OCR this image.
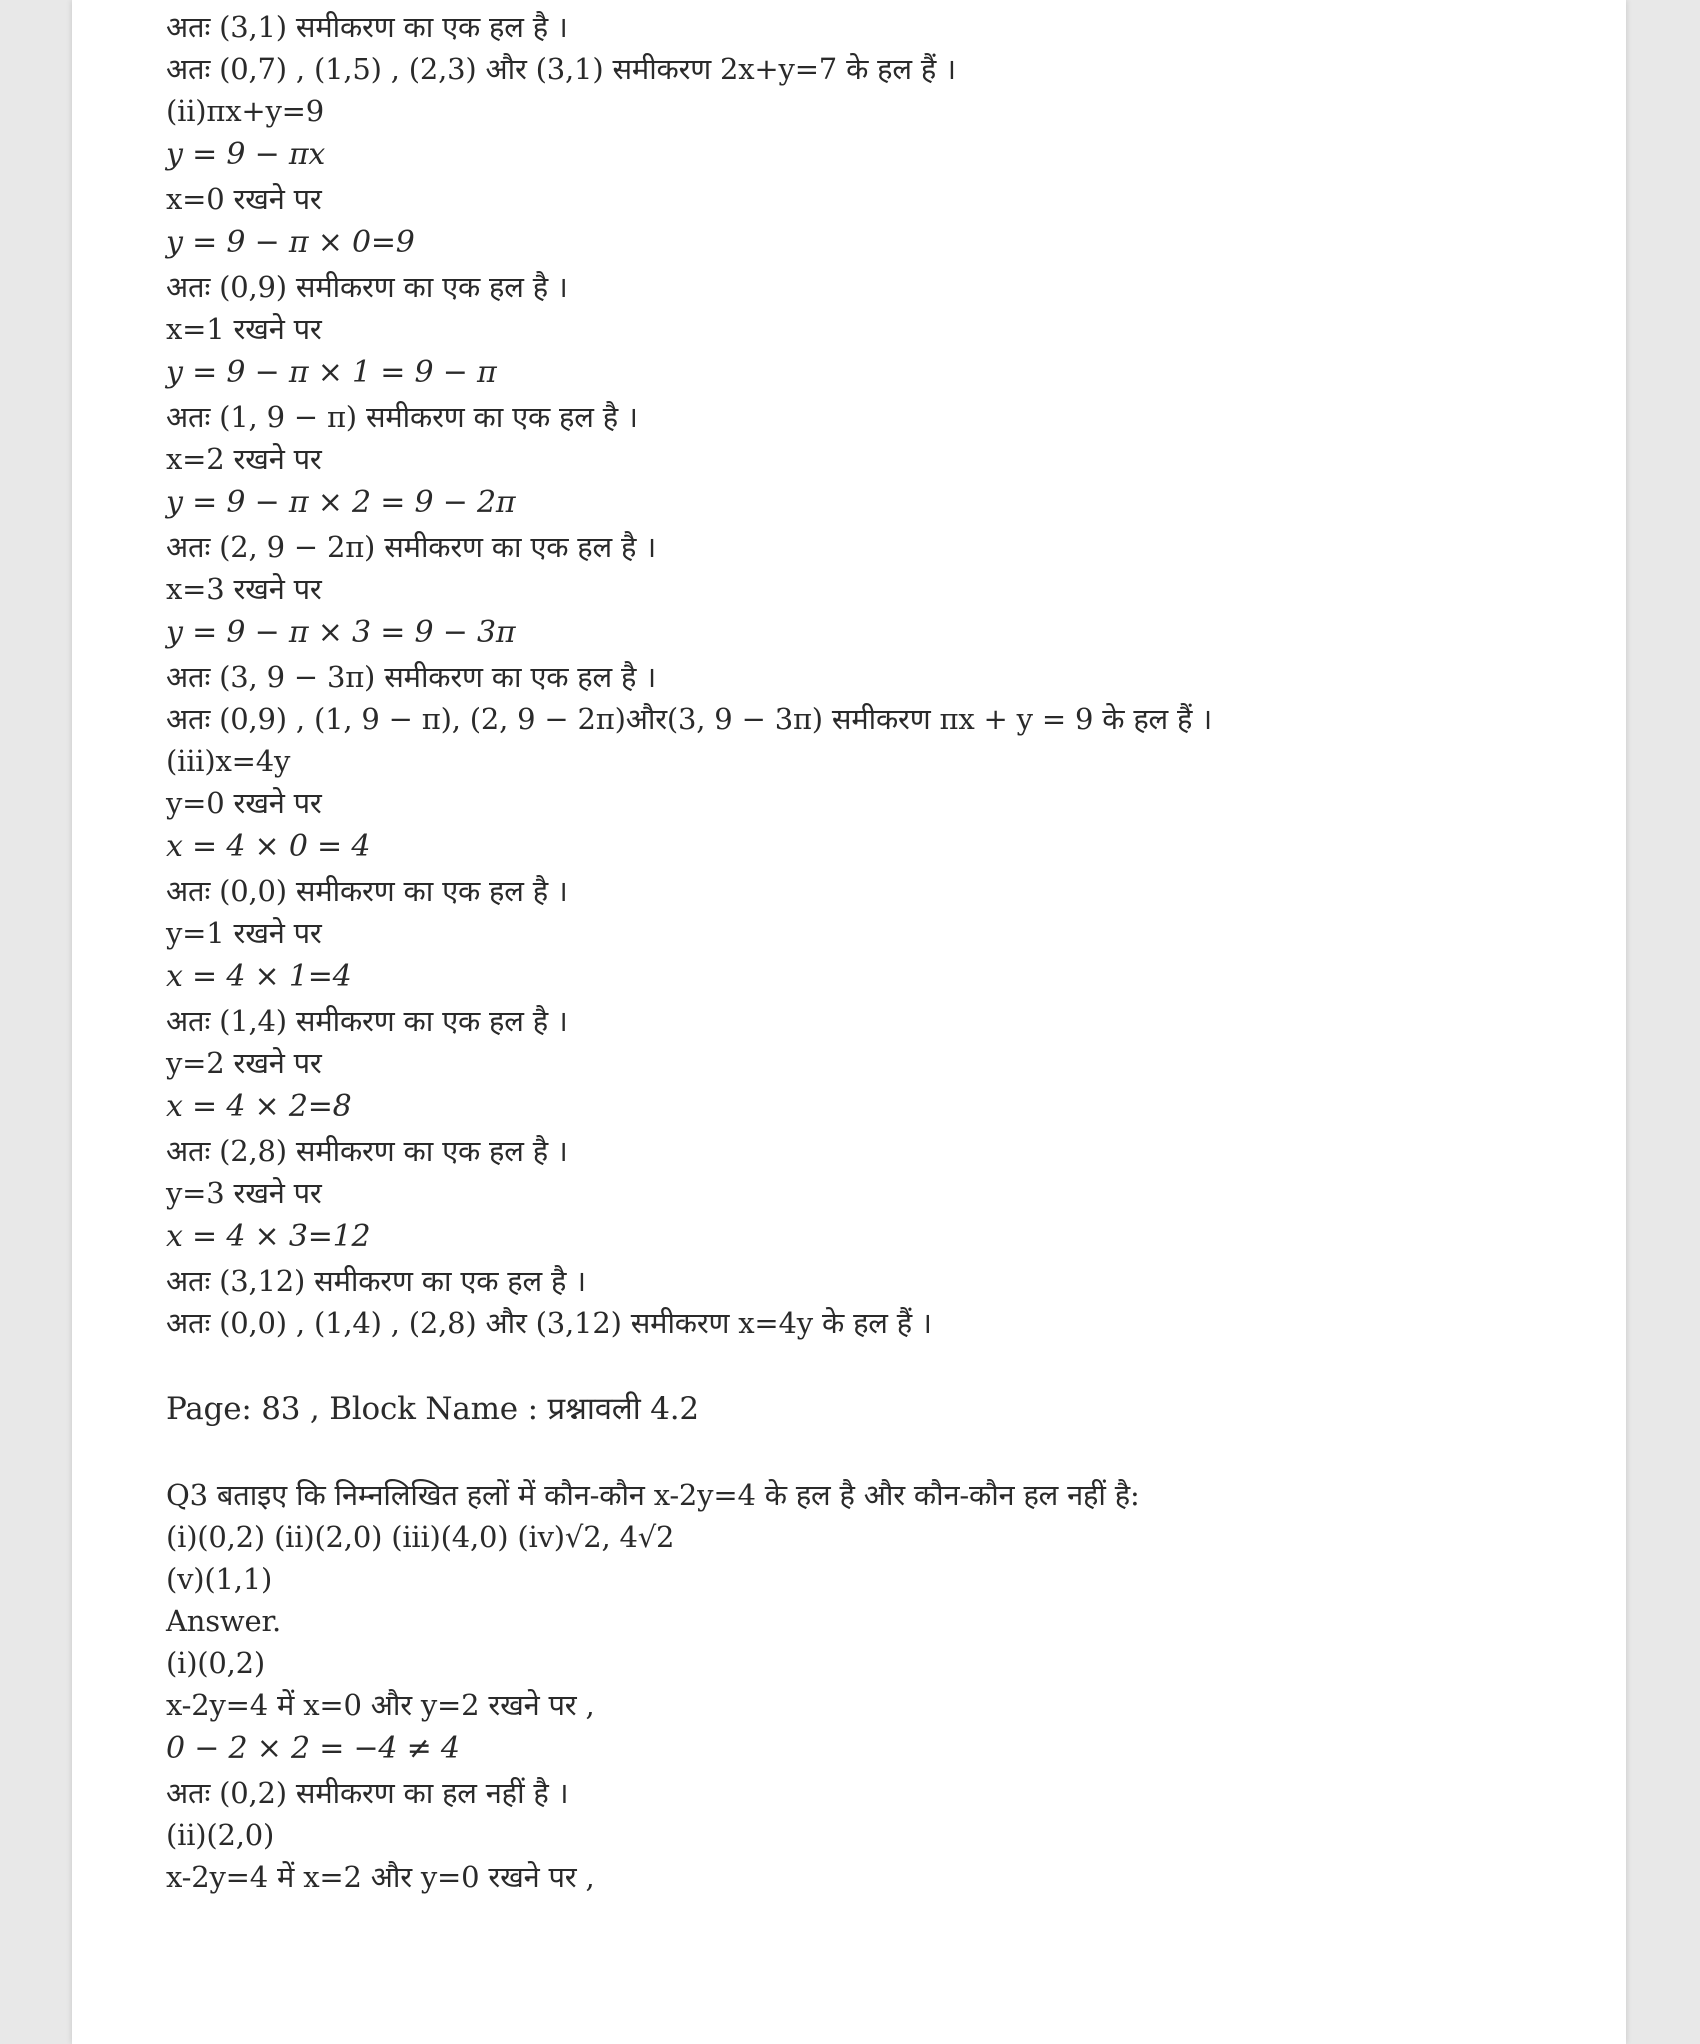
अतः (3,1) समीकरण का एक हल है ।
अतः (0,7) , (1,5) , (2,3) और (3,1) समीकरण 2x+y=7 के हल हैं ।
(ii)πx+y=9
y = 9 − πx
x=0 रखने पर
y = 9 − π × 0=9
अतः (0,9) समीकरण का एक हल है ।
x=1 रखने पर
y = 9 − π × 1 = 9 − π
अतः (1, 9 − π) समीकरण का एक हल है ।
x=2 रखने पर
y = 9 − π × 2 = 9 − 2π
अतः (2, 9 − 2π) समीकरण का एक हल है ।
x=3 रखने पर
y = 9 − π × 3 = 9 − 3π
अतः (3, 9 − 3π) समीकरण का एक हल है ।
अतः (0,9) , (1, 9 − π), (2, 9 − 2π)और(3, 9 − 3π) समीकरण πx + y = 9 के हल हैं ।
(iii)x=4y
y=0 रखने पर
x = 4 × 0 = 4
अतः (0,0) समीकरण का एक हल है ।
y=1 रखने पर
x = 4 × 1=4
अतः (1,4) समीकरण का एक हल है ।
y=2 रखने पर
x = 4 × 2=8
अतः (2,8) समीकरण का एक हल है ।
y=3 रखने पर
x = 4 × 3=12
अतः (3,12) समीकरण का एक हल है ।
अतः (0,0) , (1,4) , (2,8) और (3,12) समीकरण x=4y के हल हैं ।
Page: 83 , Block Name : प्रश्नावली 4.2
Q3 बताइए कि निम्नलिखित हलों में कौन-कौन x-2y=4 के हल है और कौन-कौन हल नहीं है:
(i)(0,2) (ii)(2,0) (iii)(4,0) (iv)√2, 4√2
(v)(1,1)
Answer.
(i)(0,2)
x-2y=4 में x=0 और y=2 रखने पर ,
0 − 2 × 2 = −4 ≠ 4
अतः (0,2) समीकरण का हल नहीं है ।
(ii)(2,0)
x-2y=4 में x=2 और y=0 रखने पर ,
